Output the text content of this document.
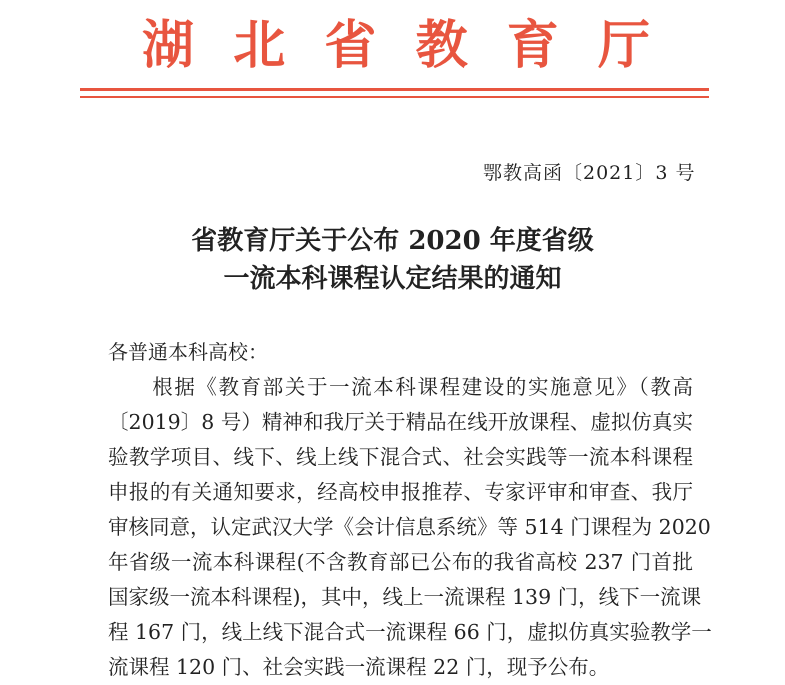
湖 北 省 教 育 厅
鄂教高函〔2021〕3 号
省教育厅关于公布 2020 年度省级
一流本科课程认定结果的通知
各普通本科高校：
　　根据《教育部关于一流本科课程建设的实施意见》（教高
〔2019〕8 号）精神和我厅关于精品在线开放课程、虚拟仿真实
验教学项目、线下、线上线下混合式、社会实践等一流本科课程
申报的有关通知要求，经高校申报推荐、专家评审和审查、我厅
审核同意，认定武汉大学《会计信息系统》等 514 门课程为 2020
年省级一流本科课程(不含教育部已公布的我省高校 237 门首批
国家级一流本科课程)，其中，线上一流课程 139 门，线下一流课
程 167 门，线上线下混合式一流课程 66 门，虚拟仿真实验教学一
流课程 120 门、社会实践一流课程 22 门，现予公布。
